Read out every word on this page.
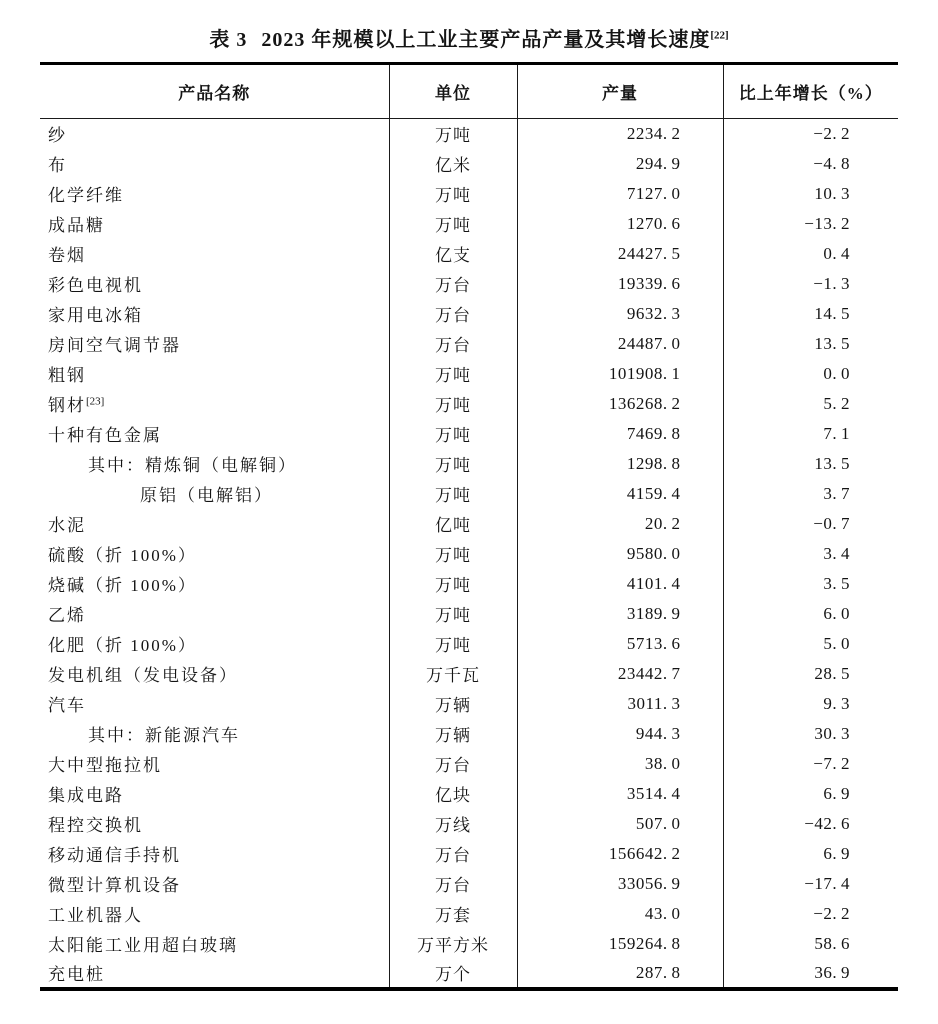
表 3 2023 年规模以上工业主要产品产量及其增长速度[22]
产品名称	单位	产量	比上年增长（%）
纱	万吨	2234. 2	−2. 2
布	亿米	294. 9	−4. 8
化学纤维	万吨	7127. 0	10. 3
成品糖	万吨	1270. 6	−13. 2
卷烟	亿支	24427. 5	0. 4
彩色电视机	万台	19339. 6	−1. 3
家用电冰箱	万台	9632. 3	14. 5
房间空气调节器	万台	24487. 0	13. 5
粗钢	万吨	101908. 1	0. 0
钢材[23]	万吨	136268. 2	5. 2
十种有色金属	万吨	7469. 8	7. 1
其中：精炼铜（电解铜）	万吨	1298. 8	13. 5
原铝（电解铝）	万吨	4159. 4	3. 7
水泥	亿吨	20. 2	−0. 7
硫酸（折 100%）	万吨	9580. 0	3. 4
烧碱（折 100%）	万吨	4101. 4	3. 5
乙烯	万吨	3189. 9	6. 0
化肥（折 100%）	万吨	5713. 6	5. 0
发电机组（发电设备）	万千瓦	23442. 7	28. 5
汽车	万辆	3011. 3	9. 3
其中：新能源汽车	万辆	944. 3	30. 3
大中型拖拉机	万台	38. 0	−7. 2
集成电路	亿块	3514. 4	6. 9
程控交换机	万线	507. 0	−42. 6
移动通信手持机	万台	156642. 2	6. 9
微型计算机设备	万台	33056. 9	−17. 4
工业机器人	万套	43. 0	−2. 2
太阳能工业用超白玻璃	万平方米	159264. 8	58. 6
充电桩	万个	287. 8	36. 9
